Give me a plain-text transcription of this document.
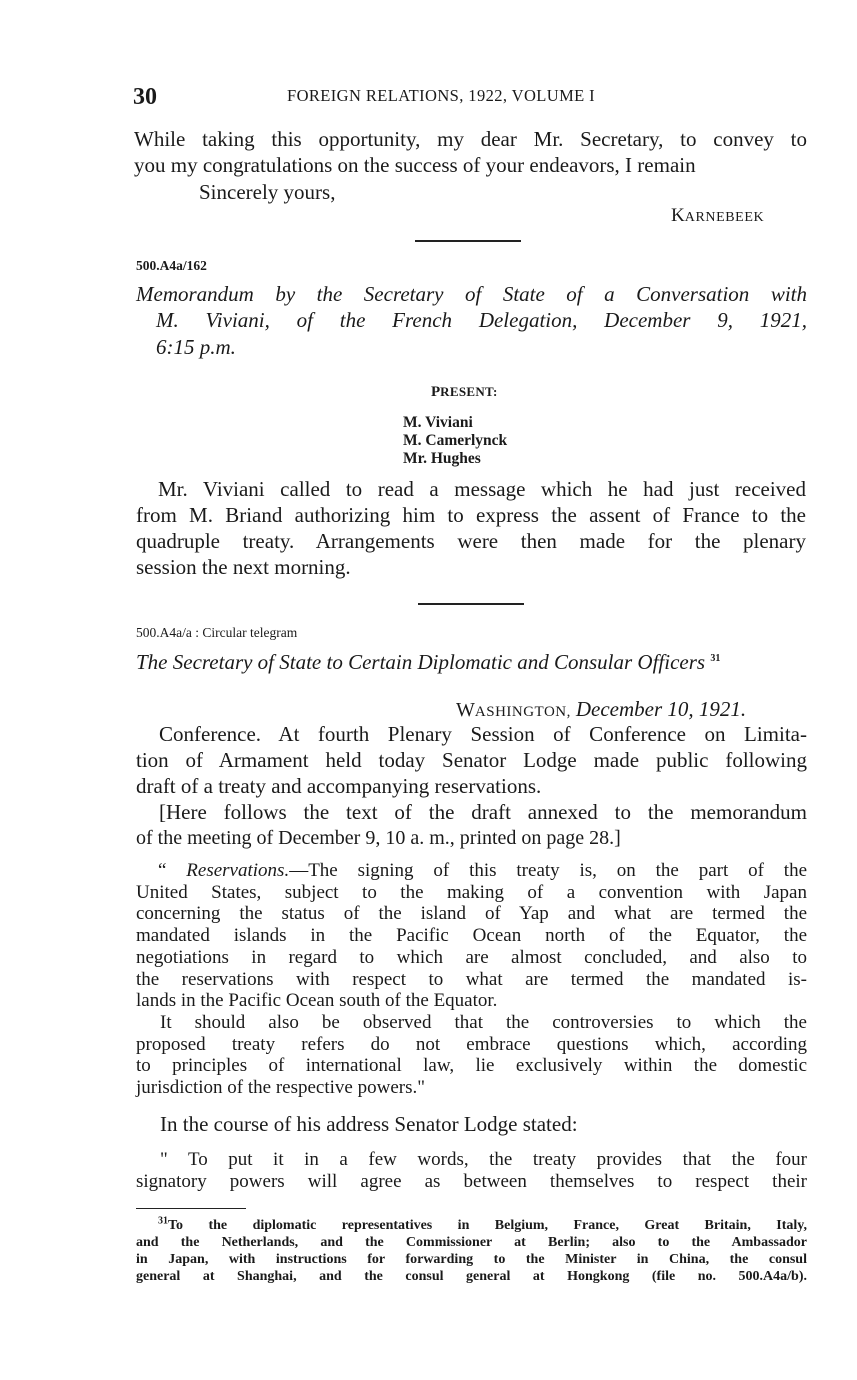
30	FOREIGN RELATIONS, 1922, VOLUME I
While taking this opportunity, my dear Mr. Secretary, to convey to
you my congratulations on the success of your endeavors, I remain
Sincerely yours,
KARNEBEEK
500.A4a/162
Memorandum by the Secretary of State of a Conversation with
M. Viviani, of the French Delegation, December 9, 1921,
6:15 p.m.
PRESENT:
M. Viviani
M. Camerlynck
Mr. Hughes
Mr. Viviani called to read a message which he had just received
from M. Briand authorizing him to express the assent of France to the
quadruple treaty. Arrangements were then made for the plenary
session the next morning.
500.A4a/a : Circular telegram
The Secretary of State to Certain Diplomatic and Consular Officers $^{31}$
WASHINGTON, December 10, 1921.
Conference. At fourth Plenary Session of Conference on Limita-
tion of Armament held today Senator Lodge made public following
draft of a treaty and accompanying reservations.
[Here follows the text of the draft annexed to the memorandum
of the meeting of December 9, 10 a. m., printed on page 28.]
“ Reservations.—The signing of this treaty is, on the part of the
United States, subject to the making of a convention with Japan
concerning the status of the island of Yap and what are termed the
mandated islands in the Pacific Ocean north of the Equator, the
negotiations in regard to which are almost concluded, and also to
the reservations with respect to what are termed the mandated is-
lands in the Pacific Ocean south of the Equator.
It should also be observed that the controversies to which the
proposed treaty refers do not embrace questions which, according
to principles of international law, lie exclusively within the domestic
jurisdiction of the respective powers."
In the course of his address Senator Lodge stated:
" To put it in a few words, the treaty provides that the four
signatory powers will agree as between themselves to respect their
$^{31}$To the diplomatic representatives in Belgium, France, Great Britain, Italy,
and the Netherlands, and the Commissioner at Berlin; also to the Ambassador
in Japan, with instructions for forwarding to the Minister in China, the consul
general at Shanghai, and the consul general at Hongkong (file no. 500.A4a/b).
